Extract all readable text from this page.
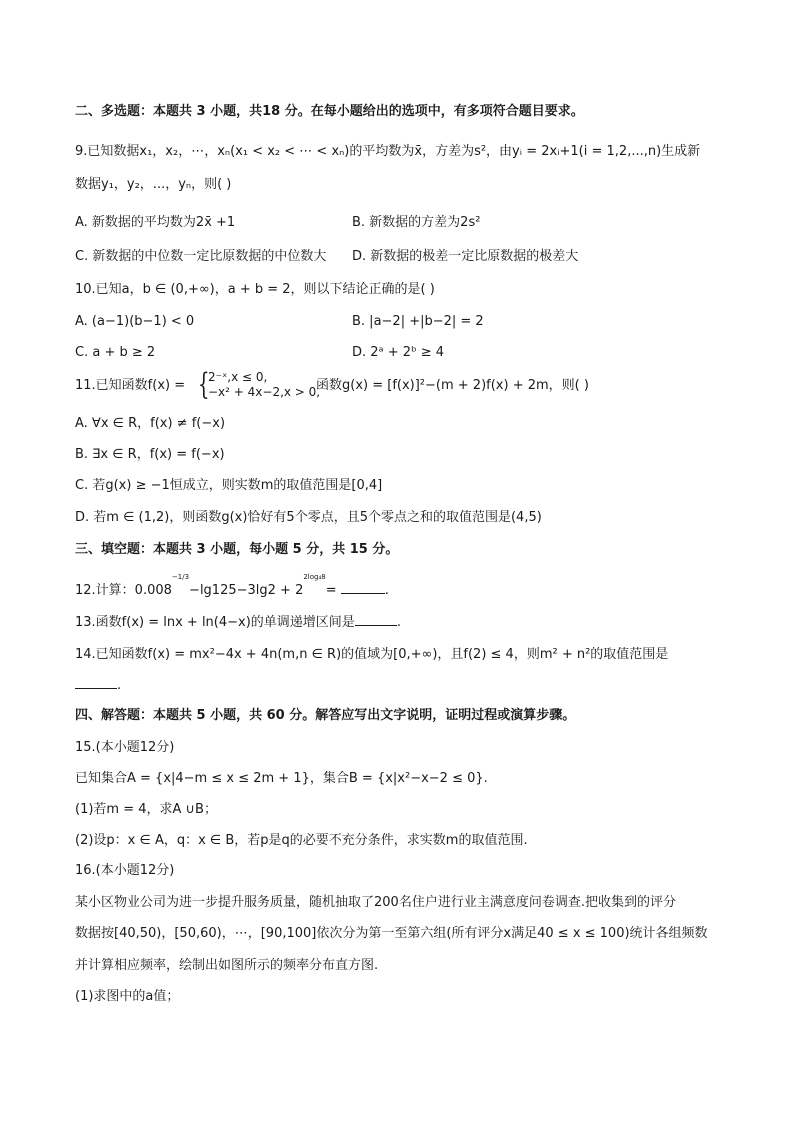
二、多选题：本题共 3 小题，共18 分。在每小题给出的选项中，有多项符合题目要求。
9.已知数据x₁，x₂，⋯，xₙ(x₁ < x₂ < ⋯ < xₙ)的平均数为x̄，方差为s²，由yᵢ = 2xᵢ+1(i = 1,2,...,n)生成新
数据y₁，y₂，...，yₙ，则( )
A. 新数据的平均数为2x̄ +1	B. 新数据的方差为2s²
C. 新数据的中位数一定比原数据的中位数大 D. 新数据的极差一定比原数据的极差大
10.已知a，b ∈ (0,+∞)，a + b = 2，则以下结论正确的是( )
A. (a−1)(b−1) < 0	B. |a−2| +|b−2| = 2
C. a + b ≥ 2	D. 2ᵃ + 2ᵇ ≥ 4
11.已知函数f(x) = {
2⁻ˣ,x ≤ 0,
−x² + 4x−2,x > 0,
函数g(x) = [f(x)]²−(m + 2)f(x) + 2m，则( )
A. ∀x ∈ R，f(x) ≠ f(−x)
B. ∃x ∈ R，f(x) = f(−x)
C. 若g(x) ≥ −1恒成立，则实数m的取值范围是[0,4]
D. 若m ∈ (1,2)，则函数g(x)恰好有5个零点，且5个零点之和的取值范围是(4,5)
三、填空题：本题共 3 小题，每小题 5 分，共 15 分。
12.计算：$0.008^{-1/3}-\lg 125-3\lg 2 + 2^{2log_48}=$	.
13.函数f(x) = lnx + ln(4−x)的单调递增区间是	.
14.已知函数f(x) = mx²−4x + 4n(m,n ∈ R)的值域为[0,+∞)，且f(2) ≤ 4，则m² + n²的取值范围是
.
四、解答题：本题共 5 小题，共 60 分。解答应写出文字说明，证明过程或演算步骤。
15.(本小题12分)
已知集合A = {x|4−m ≤ x ≤ 2m + 1}，集合B = {x|x²−x−2 ≤ 0}.
(1)若m = 4，求A ∪B；
(2)设p：x ∈ A，q：x ∈ B，若p是q的必要不充分条件，求实数m的取值范围.
16.(本小题12分)
某小区物业公司为进一步提升服务质量，随机抽取了200名住户进行业主满意度问卷调查.把收集到的评分
数据按[40,50)，[50,60)，⋯，[90,100]依次分为第一至第六组(所有评分x满足40 ≤ x ≤ 100)统计各组频数
并计算相应频率，绘制出如图所示的频率分布直方图.
(1)求图中的a值；
